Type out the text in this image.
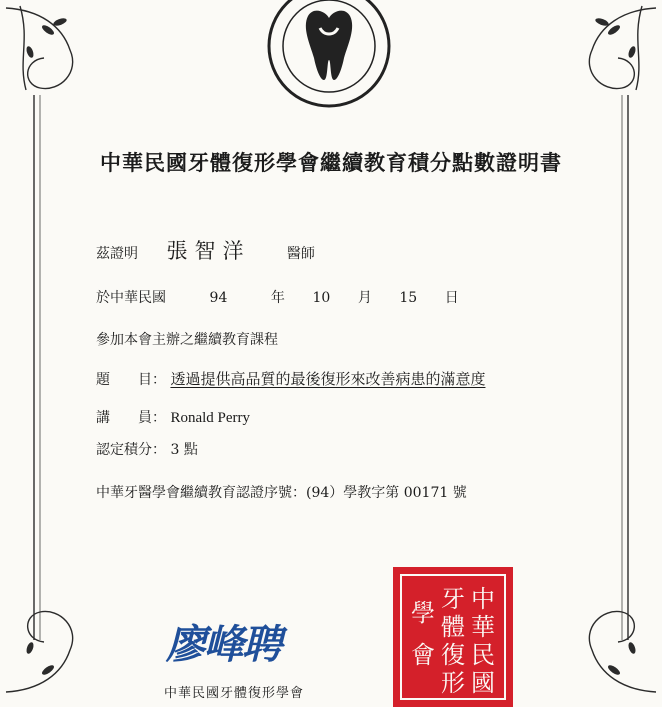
中華民國牙體復形學會繼續教育積分點數證明書
茲證明 張智洋	醫師
於中華民國	94	年 10 月 15 日
參加本會主辦之繼續教育課程
題　　目： 透過提供高品質的最後復形來改善病患的滿意度
講　　員： Ronald Perry
認定積分： 3 點
中華牙醫學會繼續教育認證序號：(94）學教字第 00171 號
廖峰聘
中華民國牙體復形學會
中
華
民
國
牙
體
復
形
學
會
